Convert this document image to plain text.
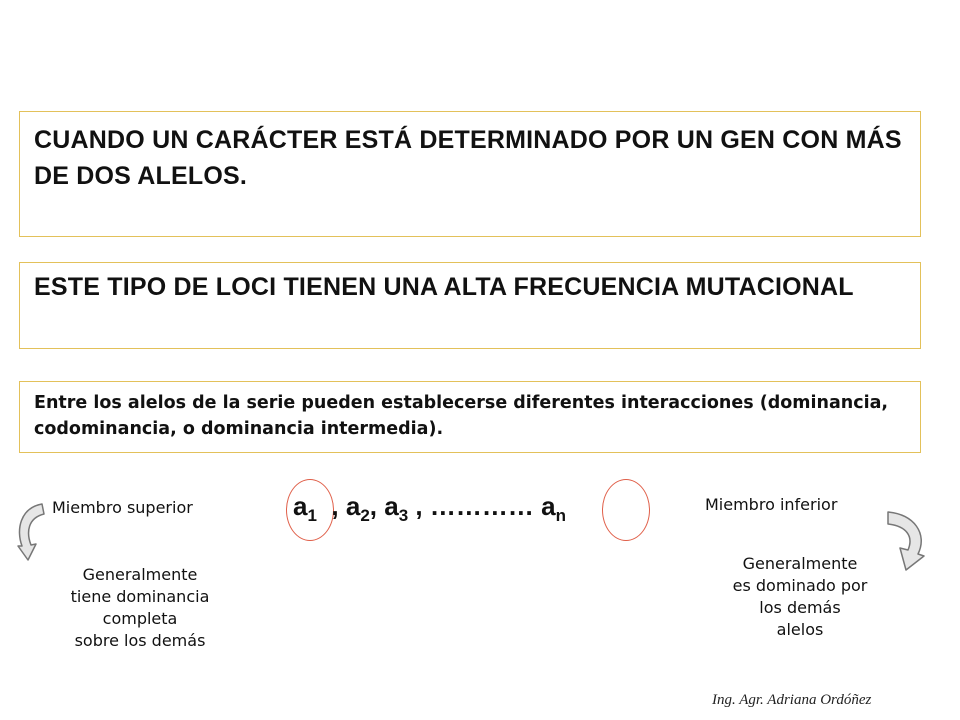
CUANDO UN CARÁCTER ESTÁ DETERMINADO POR UN GEN CON MÁS DE DOS ALELOS.
ESTE TIPO DE LOCI TIENEN UNA ALTA FRECUENCIA MUTACIONAL
Entre los alelos de la serie pueden establecerse diferentes interacciones (dominancia, codominancia, o dominancia intermedia).
Miembro superior	Miembro inferior
$a_1$  , $a_2$, $a_3$ , ………… $a_n$
Generalmente
tiene dominancia
completa
sobre los demás
Generalmente
es dominado por
los demás
alelos
Ing. Agr. Adriana Ordóñez
